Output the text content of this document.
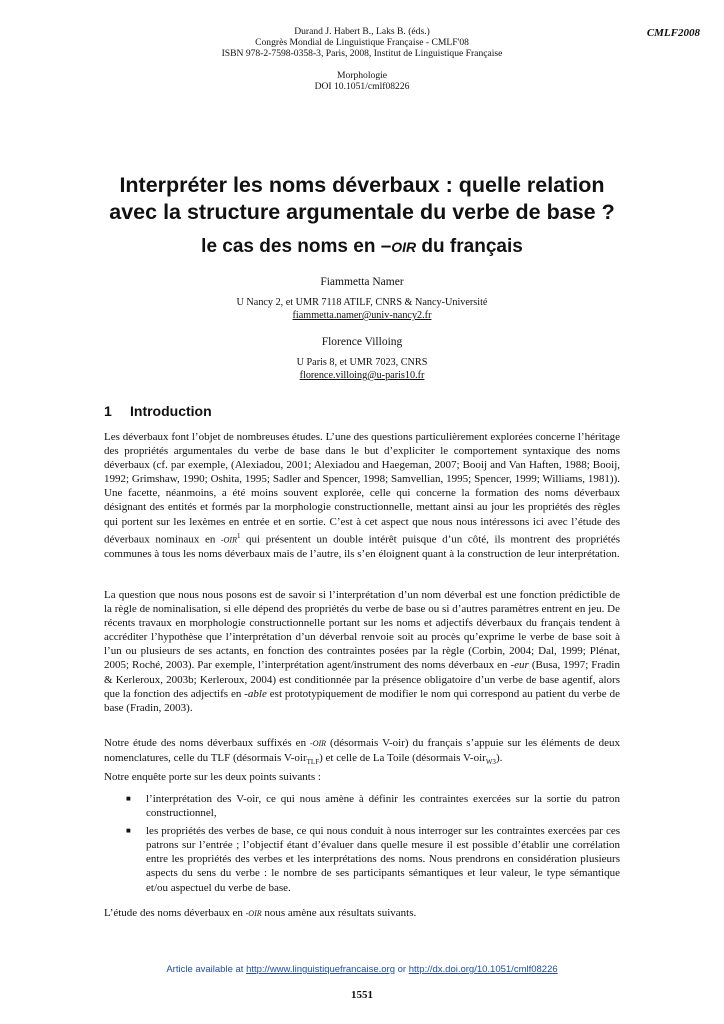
Durand J. Habert B., Laks B. (éds.)
Congrès Mondial de Linguistique Française - CMLF'08
ISBN 978-2-7598-0358-3, Paris, 2008, Institut de Linguistique Française
Morphologie
DOI 10.1051/cmlf08226
CMLF2008
Interpréter les noms déverbaux : quelle relation
avec la structure argumentale du verbe de base ?
le cas des noms en –OIR du français
Fiammetta Namer
U Nancy 2, et UMR 7118 ATILF, CNRS & Nancy-Université
fiammetta.namer@univ-nancy2.fr
Florence Villoing
U Paris 8, et UMR 7023, CNRS
florence.villoing@u-paris10.fr
1 Introduction
Les déverbaux font l’objet de nombreuses études. L’une des questions particulièrement explorées concerne l’héritage des propriétés argumentales du verbe de base dans le but d’expliciter le comportement syntaxique des noms déverbaux (cf. par exemple, (Alexiadou, 2001; Alexiadou and Haegeman, 2007; Booij and Van Haften, 1988; Booij, 1992; Grimshaw, 1990; Oshita, 1995; Sadler and Spencer, 1998; Samvellian, 1995; Spencer, 1999; Williams, 1981)). Une facette, néanmoins, a été moins souvent explorée, celle qui concerne la formation des noms déverbaux désignant des entités et formés par la morphologie constructionnelle, mettant ainsi au jour les propriétés des règles qui portent sur les lexèmes en entrée et en sortie. C’est à cet aspect que nous nous intéressons ici avec l’étude des déverbaux nominaux en -OIR$^1$ qui présentent un double intérêt puisque d’un côté, ils montrent des propriétés communes à tous les noms déverbaux mais de l’autre, ils s’en éloignent quant à la construction de leur interprétation.
La question que nous nous posons est de savoir si l’interprétation d’un nom déverbal est une fonction prédictible de la règle de nominalisation, si elle dépend des propriétés du verbe de base ou si d’autres paramètres entrent en jeu. De récents travaux en morphologie constructionnelle portant sur les noms et adjectifs déverbaux du français tendent à accréditer l’hypothèse que l’interprétation d’un déverbal renvoie soit au procès qu’exprime le verbe de base soit à l’un ou plusieurs de ses actants, en fonction des contraintes posées par la règle (Corbin, 2004; Dal, 1999; Plénat, 2005; Roché, 2003). Par exemple, l’interprétation agent/instrument des noms déverbaux en -eur (Busa, 1997; Fradin & Kerleroux, 2003b; Kerleroux, 2004) est conditionnée par la présence obligatoire d’un verbe de base agentif, alors que la fonction des adjectifs en -able est prototypiquement de modifier le nom qui correspond au patient du verbe de base (Fradin, 2003).
Notre étude des noms déverbaux suffixés en -OIR (désormais V-oir) du français s’appuie sur les éléments de deux nomenclatures, celle du TLF (désormais V-oir$_{TLF}$) et celle de La Toile (désormais V-oir$_{W3}$).
Notre enquête porte sur les deux points suivants :
■ l’interprétation des V-oir, ce qui nous amène à définir les contraintes exercées sur la sortie du patron constructionnel,
■ les propriétés des verbes de base, ce qui nous conduit à nous interroger sur les contraintes exercées par ces patrons sur l’entrée ; l’objectif étant d’évaluer dans quelle mesure il est possible d’établir une corrélation entre les propriétés des verbes et les interprétations des noms. Nous prendrons en considération plusieurs aspects du sens du verbe : le nombre de ses participants sémantiques et leur valeur, le type sémantique et/ou aspectuel du verbe de base.
L’étude des noms déverbaux en -OIR nous amène aux résultats suivants.
Article available at http://www.linguistiquefrancaise.org or http://dx.doi.org/10.1051/cmlf08226
1551
